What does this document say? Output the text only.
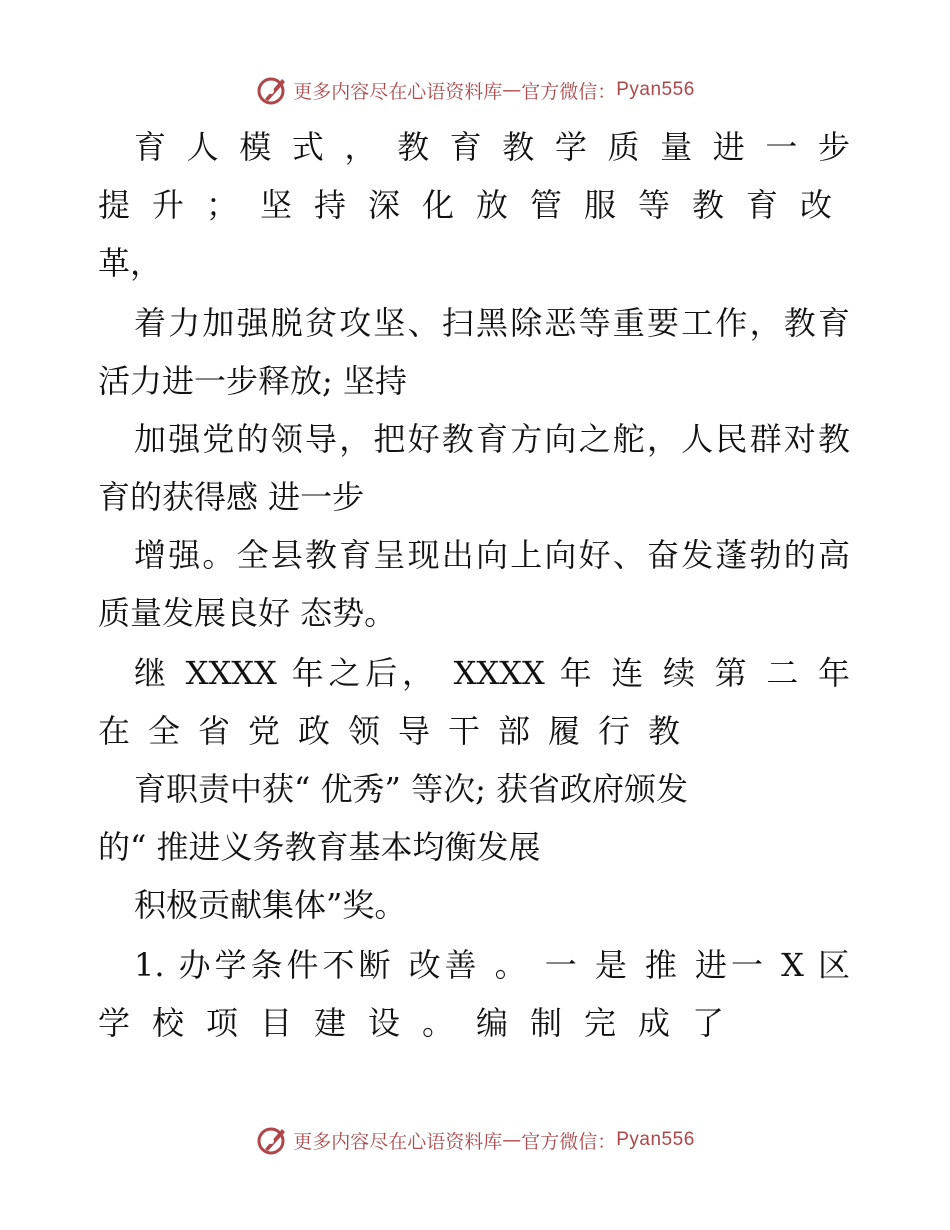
更多内容尽在心语资料库 — 官方微信： Pyan556
育人模式，教育教学质量进一步
提升；坚持深化放管服等教育改
革，
着力加强脱贫攻坚、扫黑除恶等重要工作，教育
活力进一步释放; 坚持
加强党的领导，把好教育方向之舵，人民群对教
育的获得感 进一步
增强。全县教育呈现出向上向好、奋发蓬勃的高
质量发展良好 态势。
继 XXXX 年之后， XXXX 年 连 续 第 二 年
在全省党政领导干部履行教
育职责中获“ 优秀” 等次; 获省政府颁发
的“ 推进义务教育基本均衡发展
积极贡献集体”奖。
1. 办学条件不断 改善 。 一 是 推 进一 X 区
学校项目建设。编制完成了
更多内容尽在心语资料库 — 官方微信： Pyan556
